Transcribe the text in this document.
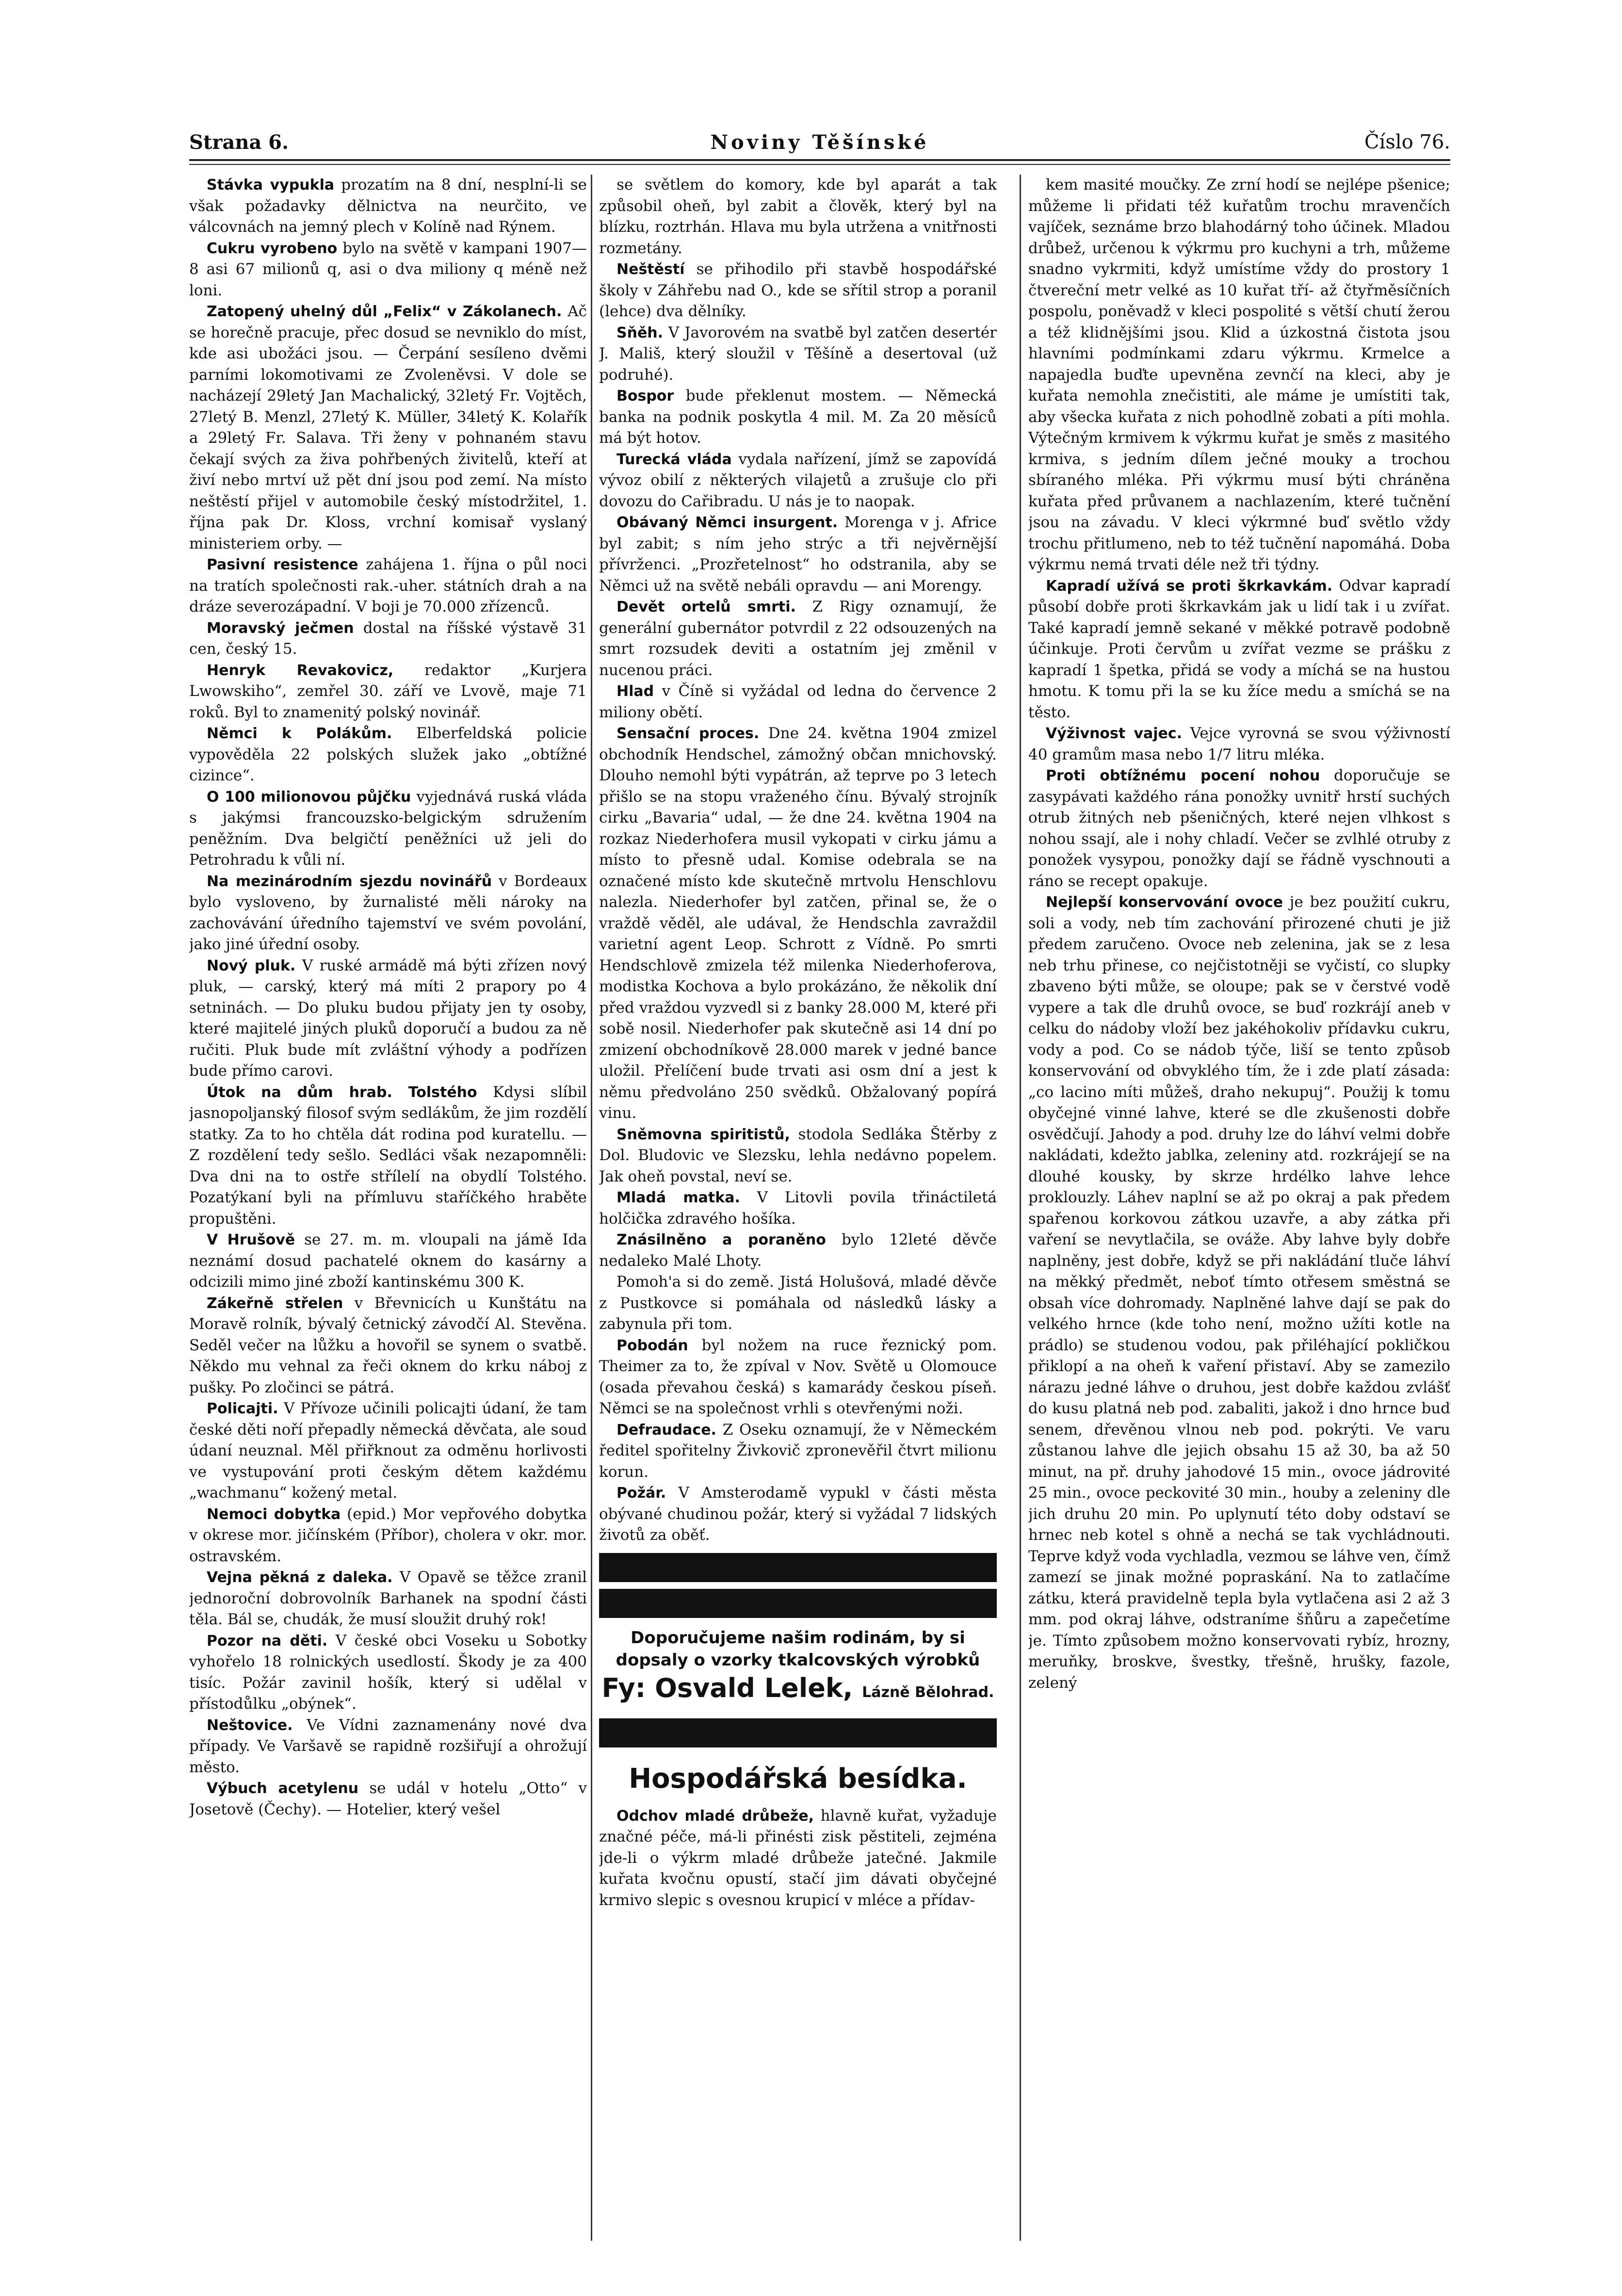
Strana 6.	Noviny Těšínské	Číslo 76.

Stávka vypukla prozatím na 8 dní, nesplní-li se však požadavky dělnictva na neurčito, ve válcovnách na jemný plech v Kolíně nad Rýnem.

Cukru vyrobeno bylo na světě v kampani 1907—8 asi 67 milionů q, asi o dva miliony q méně než loni.

Zatopený uhelný důl „Felix“ v Zákolanech. Ač se horečně pracuje, přec dosud se nevniklo do míst, kde asi ubožáci jsou. — Čerpání sesíleno dvěmi parními lokomotivami ze Zvoleněvsi. V dole se nacházejí 29letý Jan Machalický, 32letý Fr. Vojtěch, 27letý B. Menzl, 27letý K. Müller, 34letý K. Kolařík a 29letý Fr. Salava. Tři ženy v pohnaném stavu čekají svých za živa pohřbených živitelů, kteří at živí nebo mrtví už pět dní jsou pod zemí. Na místo neštěstí přijel v automobile český místodržitel, 1. října pak Dr. Kloss, vrchní komisař vyslaný ministeriem orby. —

Pasivní resistence zahájena 1. října o půl noci na tratích společnosti rak.-uher. státních drah a na dráze severozápadní. V boji je 70.000 zřízenců.

Moravský ječmen dostal na říšské výstavě 31 cen, český 15.

Henryk Revakovicz, redaktor „Kurjera Lwowskiho“, zemřel 30. září ve Lvově, maje 71 roků. Byl to znamenitý polský novinář.

Němci k Polákům. Elberfeldská policie vypověděla 22 polských služek jako „obtížné cizince“.

O 100 milionovou půjčku vyjednává ruská vláda s jakýmsi francouzsko-belgickým sdružením peněžním. Dva belgičtí peněžníci už jeli do Petrohradu k vůli ní.

Na mezinárodním sjezdu novinářů v Bordeaux bylo vysloveno, by žurnalisté měli nároky na zachovávání úředního tajemství ve svém povolání, jako jiné úřední osoby.

Nový pluk. V ruské armádě má býti zřízen nový pluk, — carský, který má míti 2 prapory po 4 setninách. — Do pluku budou přijaty jen ty osoby, které majitelé jiných pluků doporučí a budou za ně ručiti. Pluk bude mít zvláštní výhody a podřízen bude přímo carovi.

Útok na dům hrab. Tolstého Kdysi slíbil jasnopoljanský filosof svým sedlákům, že jim rozdělí statky. Za to ho chtěla dát rodina pod kuratellu. — Z rozdělení tedy sešlo. Sedláci však nezapomněli: Dva dni na to ostře střílelí na obydlí Tolstého. Pozatýkaní byli na přímluvu staříčkého hraběte propuštěni.

V Hrušově se 27. m. m. vloupali na jámě Ida neznámí dosud pachatelé oknem do kasárny a odcizili mimo jiné zboží kantinskému 300 K.

Zákeřně střelen v Břevnicích u Kunštátu na Moravě rolník, bývalý četnický závodčí Al. Stevěna. Seděl večer na lůžku a hovořil se synem o svatbě. Někdo mu vehnal za řeči oknem do krku náboj z pušky. Po zločinci se pátrá.

Policajti. V Přívoze učinili policajti údaní, že tam české děti noří přepadly německá děvčata, ale soud údaní neuznal. Měl přiřknout za odměnu horlivosti ve vystupování proti českým dětem každému „wachmanu“ kožený metal.

Nemoci dobytka (epid.) Mor vepřového dobytka v okrese mor. jičínském (Příbor), cholera v okr. mor. ostravském.

Vejna pěkná z daleka. V Opavě se těžce zranil jednoroční dobrovolník Barhanek na spodní části těla. Bál se, chudák, že musí sloužit druhý rok!

Pozor na děti. V české obci Voseku u Sobotky vyhořelo 18 rolnických usedlostí. Škody je za 400 tisíc. Požár zavinil hošík, který si udělal v přístodůlku „obýnek“.

Neštovice. Ve Vídni zaznamenány nové dva případy. Ve Varšavě se rapidně rozšiřují a ohrožují město.

Výbuch acetylenu se udál v hotelu „Otto“ v Josetově (Čechy). — Hotelier, který vešel

se světlem do komory, kde byl aparát a tak způsobil oheň, byl zabit a člověk, který byl na blízku, roztrhán. Hlava mu byla utržena a vnitřnosti rozmetány.

Neštěstí se přihodilo při stavbě hospodářské školy v Záhřebu nad O., kde se sřítil strop a poranil (lehce) dva dělníky.

Sňěh. V Javorovém na svatbě byl zatčen desertér J. Mališ, který sloužil v Těšíně a desertoval (už podruhé).

Bospor bude překlenut mostem. — Německá banka na podnik poskytla 4 mil. M. Za 20 měsíců má být hotov.

Turecká vláda vydala nařízení, jímž se zapovídá vývoz obilí z některých vilajetů a zrušuje clo při dovozu do Cařibradu. U nás je to naopak.

Obávaný Němci insurgent. Morenga v j. Africe byl zabit; s ním jeho strýc a tři nejvěrnější přívrženci. „Prozřetelnost“ ho odstranila, aby se Němci už na světě nebáli opravdu — ani Morengy.

Devět ortelů smrti. Z Rigy oznamují, že generální gubernátor potvrdil z 22 odsouzených na smrt rozsudek deviti a ostatním jej změnil v nucenou práci.

Hlad v Číně si vyžádal od ledna do července 2 miliony obětí.

Sensační proces. Dne 24. května 1904 zmizel obchodník Hendschel, zámožný občan mnichovský. Dlouho nemohl býti vypátrán, až teprve po 3 letech přišlo se na stopu vraženého čínu. Bývalý strojník cirku „Bavaria“ udal, — že dne 24. května 1904 na rozkaz Niederhofera musil vykopati v cirku jámu a místo to přesně udal. Komise odebrala se na označené místo kde skutečně mrtvolu Henschlovu nalezla. Niederhofer byl zatčen, přinal se, že o vraždě věděl, ale udával, že Hendschla zavraždil varietní agent Leop. Schrott z Vídně. Po smrti Hendschlově zmizela též milenka Niederhoferova, modistka Kochova a bylo prokázáno, že několik dní před vraždou vyzvedl si z banky 28.000 M, které při sobě nosil. Niederhofer pak skutečně asi 14 dní po zmizení obchodníkově 28.000 marek v jedné bance uložil. Přelíčení bude trvati asi osm dní a jest k němu předvoláno 250 svědků. Obžalovaný popírá vinu.

Sněmovna spiritistů, stodola Sedláka Štěrby z Dol. Bludovic ve Slezsku, lehla nedávno popelem. Jak oheň povstal, neví se.

Mladá matka. V Litovli povila třináctiletá holčička zdravého hošíka.

Znásilněno a poraněno bylo 12leté děvče nedaleko Malé Lhoty.

Pomoh'a si do země. Jistá Holušová, mladé děvče z Pustkovce si pomáhala od následků lásky a zabynula při tom.

Pobodán byl nožem na ruce řeznický pom. Theimer za to, že zpíval v Nov. Světě u Olomouce (osada převahou česká) s kamarády českou píseň. Němci se na společnost vrhli s otevřenými noži.

Defraudace. Z Oseku oznamují, že v Německém ředitel spořitelny Živkovič zpronevěřil čtvrt milionu korun.

Požár. V Amsterodamě vypukl v části města obývané chudinou požár, který si vyžádal 7 lidských životů za oběť.

Doporučujeme našim rodinám, by si dopsaly o vzorky tkalcovských výrobků
Fy: Osvald Lelek, Lázně Bělohrad.
Hospodářská besídka.

Odchov mladé drůbeže, hlavně kuřat, vyžaduje značné péče, má-li přinésti zisk pěstiteli, zejména jde-li o výkrm mladé drůbeže jatečné. Jakmile kuřata kvočnu opustí, stačí jim dávati obyčejné krmivo slepic s ovesnou krupicí v mléce a přídav-

kem masité moučky. Ze zrní hodí se nejlépe pšenice; můžeme li přidati též kuřatům trochu mravenčích vajíček, seznáme brzo blahodárný toho účinek. Mladou drůbež, určenou k výkrmu pro kuchyni a trh, můžeme snadno vykrmiti, když umístíme vždy do prostory 1 čtvereční metr velké as 10 kuřat tří- až čtyřměsíčních pospolu, poněvadž v kleci pospolité s větší chutí žerou a též klidnějšími jsou. Klid a úzkostná čistota jsou hlavními podmínkami zdaru výkrmu. Krmelce a napajedla buďte upevněna zevnčí na kleci, aby je kuřata nemohla znečistiti, ale máme je umístiti tak, aby všecka kuřata z nich pohodlně zobati a píti mohla. Výtečným krmivem k výkrmu kuřat je směs z masitého krmiva, s jedním dílem ječné mouky a trochou sbíraného mléka. Při výkrmu musí býti chráněna kuřata před průvanem a nachlazením, které tučnění jsou na závadu. V kleci výkrmné buď světlo vždy trochu přitlumeno, neb to též tučnění napomáhá. Doba výkrmu nemá trvati déle než tři týdny.

Kapradí užívá se proti škrkavkám. Odvar kapradí působí dobře proti škrkavkám jak u lidí tak i u zvířat. Také kapradí jemně sekané v měkké potravě podobně účinkuje. Proti červům u zvířat vezme se prášku z kapradí 1 špetka, přidá se vody a míchá se na hustou hmotu. K tomu při la se ku žíce medu a smíchá se na těsto.

Výživnost vajec. Vejce vyrovná se svou výživností 40 gramům masa nebo 1/7 litru mléka.

Proti obtížnému pocení nohou doporučuje se zasypávati každého rána ponožky uvnitř hrstí suchých otrub žitných neb pšeničných, které nejen vlhkost s nohou ssají, ale i nohy chladí. Večer se zvlhlé otruby z ponožek vysypou, ponožky dají se řádně vyschnouti a ráno se recept opakuje.

Nejlepší konservování ovoce je bez použití cukru, soli a vody, neb tím zachování přirozené chuti je již předem zaručeno. Ovoce neb zelenina, jak se z lesa neb trhu přinese, co nejčistotněji se vyčistí, co slupky zbaveno býti může, se oloupe; pak se v čerstvé vodě vypere a tak dle druhů ovoce, se buď rozkrájí aneb v celku do nádoby vloží bez jakéhokoliv přídavku cukru, vody a pod. Co se nádob týče, liší se tento způsob konservování od obvyklého tím, že i zde platí zásada: „co lacino míti můžeš, draho nekupuj“. Použij k tomu obyčejné vinné lahve, které se dle zkušenosti dobře osvědčují. Jahody a pod. druhy lze do láhví velmi dobře nakládati, kdežto jablka, zeleniny atd. rozkrájejí se na dlouhé kousky, by skrze hrdélko lahve lehce proklouzly. Láhev naplní se až po okraj a pak předem spařenou korkovou zátkou uzavře, a aby zátka při vaření se nevytlačila, se ováže. Aby lahve byly dobře naplněny, jest dobře, když se při nakládání tluče láhví na měkký předmět, neboť tímto otřesem směstná se obsah více dohromady. Naplněné lahve dají se pak do velkého hrnce (kde toho není, možno užíti kotle na prádlo) se studenou vodou, pak přiléhající pokličkou přiklopí a na oheň k vaření přistaví. Aby se zamezilo nárazu jedné láhve o druhou, jest dobře každou zvlášť do kusu platná neb pod. zabaliti, jakož i dno hrnce buď senem, dřevěnou vlnou neb pod. pokrýti. Ve varu zůstanou lahve dle jejich obsahu 15 až 30, ba až 50 minut, na př. druhy jahodové 15 min., ovoce jádrovité 25 min., ovoce peckovité 30 min., houby a zeleniny dle jich druhu 20 min. Po uplynutí této doby odstaví se hrnec neb kotel s ohně a nechá se tak vychládnouti. Teprve když voda vychladla, vezmou se láhve ven, čímž zamezí se jinak možné popraskání. Na to zatlačíme zátku, která pravidelně tepla byla vytlačena asi 2 až 3 mm. pod okraj láhve, odstraníme šňůru a zapečetíme je. Tímto způsobem možno konservovati rybíz, hrozny, meruňky, broskve, švestky, třešně, hrušky, fazole, zelený
